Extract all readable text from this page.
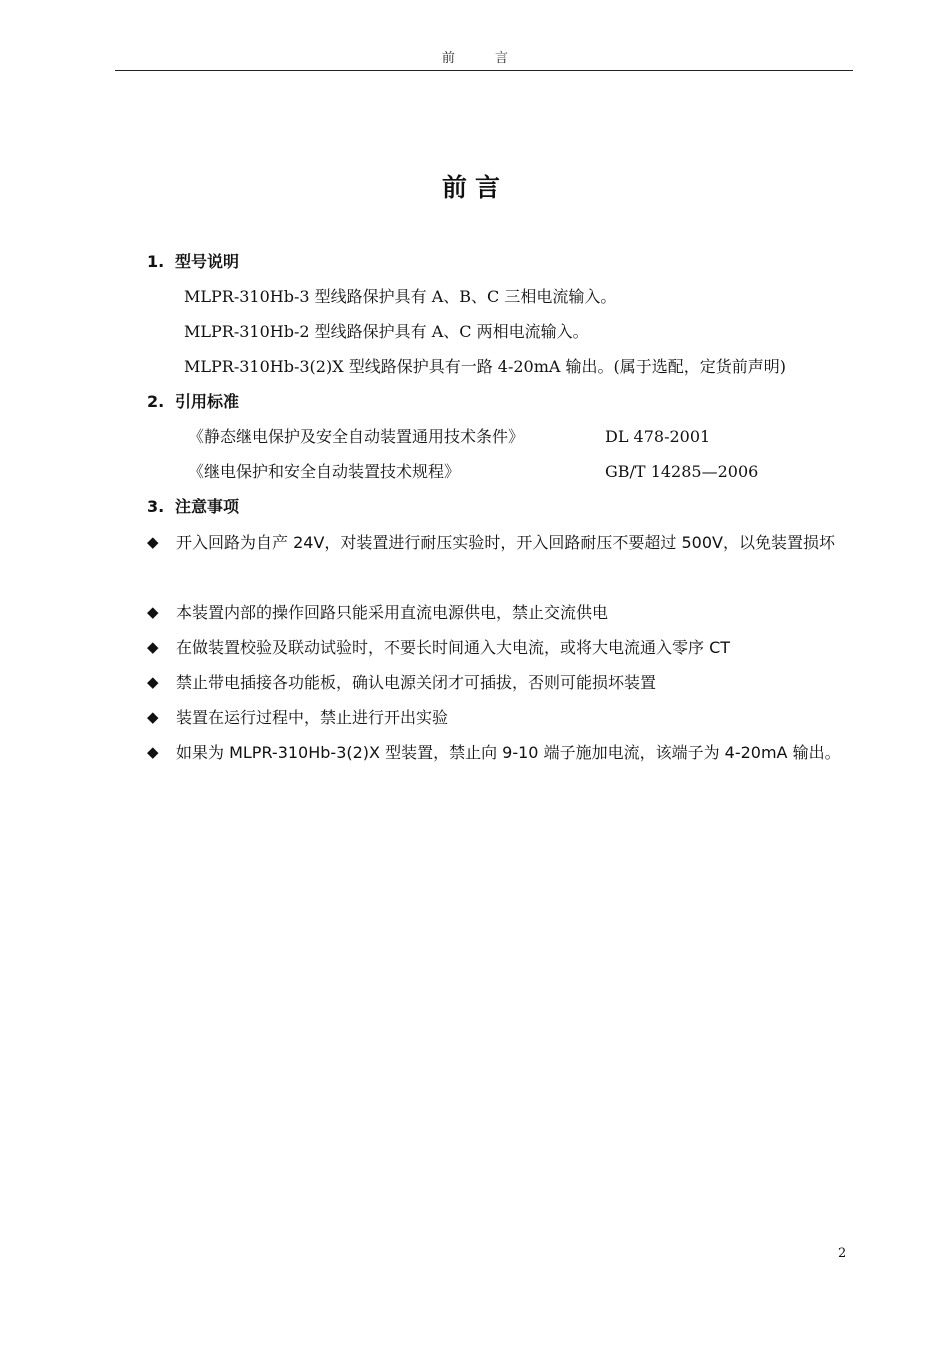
前 言
前言
1. 型号说明
MLPR-310Hb-3 型线路保护具有 A、B、C 三相电流输入。
MLPR-310Hb-2 型线路保护具有 A、C 两相电流输入。
MLPR-310Hb-3(2)X 型线路保护具有一路 4-20mA 输出。(属于选配，定货前声明)
2. 引用标准
《静态继电保护及安全自动装置通用技术条件》	DL 478-2001
《继电保护和安全自动装置技术规程》	GB/T 14285—2006
3. 注意事项
◆	开入回路为自产 24V，对装置进行耐压实验时，开入回路耐压不要超过 500V，以免装置损坏
◆	本装置内部的操作回路只能采用直流电源供电，禁止交流供电
◆	在做装置校验及联动试验时，不要长时间通入大电流，或将大电流通入零序 CT
◆	禁止带电插接各功能板，确认电源关闭才可插拔，否则可能损坏装置
◆	装置在运行过程中，禁止进行开出实验
◆	如果为 MLPR-310Hb-3(2)X 型装置，禁止向 9-10 端子施加电流，该端子为 4-20mA 输出。
2
